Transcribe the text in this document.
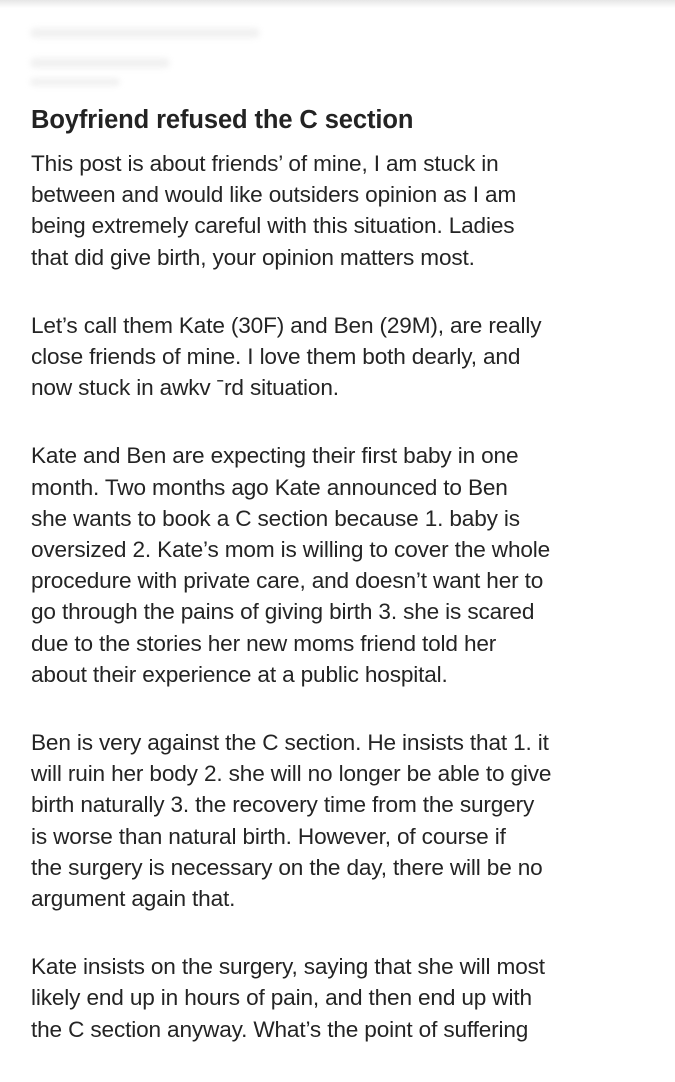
Boyfriend refused the C section

This post is about friends’ of mine, I am stuck in
between and would like outsiders opinion as I am
being extremely careful with this situation. Ladies
that did give birth, your opinion matters most.

Let’s call them Kate (30F) and Ben (29M), are really
close friends of mine. I love them both dearly, and
now stuck in awkv ˉrd situation.

Kate and Ben are expecting their first baby in one
month. Two months ago Kate announced to Ben
she wants to book a C section because 1. baby is
oversized 2. Kate’s mom is willing to cover the whole
procedure with private care, and doesn’t want her to
go through the pains of giving birth 3. she is scared
due to the stories her new moms friend told her
about their experience at a public hospital.

Ben is very against the C section. He insists that 1. it
will ruin her body 2. she will no longer be able to give
birth naturally 3. the recovery time from the surgery
is worse than natural birth. However, of course if
the surgery is necessary on the day, there will be no
argument again that.

Kate insists on the surgery, saying that she will most
likely end up in hours of pain, and then end up with
the C section anyway. What’s the point of suffering
